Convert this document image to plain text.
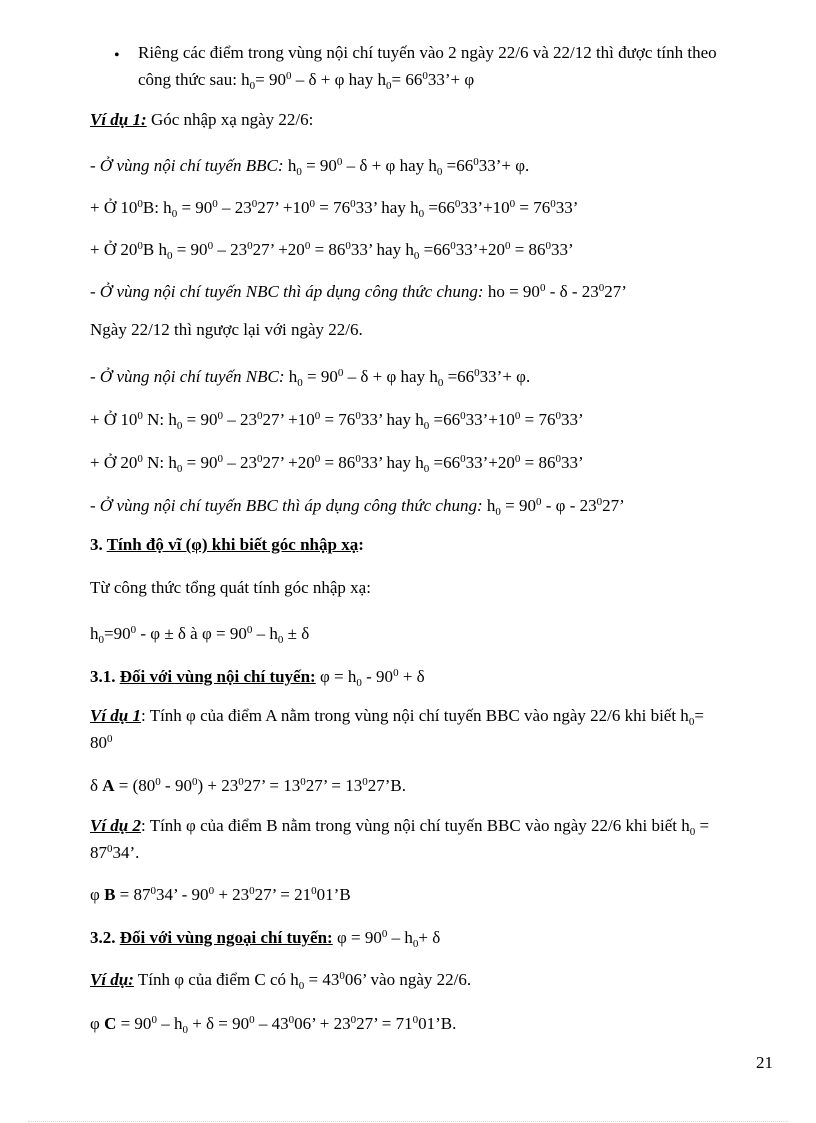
• Riêng các điểm trong vùng nội chí tuyến vào 2 ngày 22/6 và 22/12 thì được tính theo
công thức sau: $h_0= 90^0 - \delta + \varphi$ hay $h_0=$ $66^033’+ \varphi$
Ví dụ 1: Góc nhập xạ ngày 22/6:
- Ở vùng nội chí tuyến BBC: $h_0 = 90^0 - \delta + \varphi$ hay $h_0$ $=66^033’+ \varphi$.
+ Ở $10^0B$: $h_0 = 90^0 - 23^027$’ $+10^0 = 76^033$’ hay $h_0$ $=66^033’+10^0 = 76^033$’
+ Ở $20^0B$ $h_0 = 90^0 - 23^027$’ $+20^0 = 86^033$’ hay $h_0$ $=66^033’+20^0 = 86^033$’
- Ở vùng nội chí tuyến NBC thì áp dụng công thức chung: ho = $90^0$ - δ - $23^027$’
Ngày 22/12 thì ngược lại với ngày 22/6.
- Ở vùng nội chí tuyến NBC: $h_0 = 90^0 - \delta + \varphi$ hay $h_0$ $=66^033’+ \varphi$.
+ Ở $10^0$ N: $h_0 = 90^0 - 23^027$’ $+10^0 = 76^033$’ hay $h_0$ $=66^033’+10^0 = 76^033$’
+ Ở $20^0$ N: $h_0 = 90^0 - 23^027$’ $+20^0 = 86^033$’ hay $h_0$ $=66^033’+20^0 = 86^033$’
- Ở vùng nội chí tuyến BBC thì áp dụng công thức chung: $h_0 = 90^0 - \varphi - 23^027$’
3. Tính độ vĩ (φ) khi biết góc nhập xạ:
Từ công thức tổng quát tính góc nhập xạ:
$h_0=90^0 - \varphi \pm \delta$ à $\varphi = 90^0 - h_0 \pm \delta$
3.1. Đối với vùng nội chí tuyến: $\varphi = h_0 - 90^0 + \delta$
Ví dụ 1: Tính φ của điểm A nằm trong vùng nội chí tuyến BBC vào ngày 22/6 khi biết $h_0=$
$80^0$
δ $A = (80^0 - 90^0) + 23^027$’ = $13^027$’ = $13^027’B$.
Ví dụ 2: Tính φ của điểm B nằm trong vùng nội chí tuyến BBC vào ngày 22/6 khi biết $h_0$ =
$87^034$’.
φ $B = 87^034$’ - $90^0 + 23^027$’ = $21^001’B$
3.2. Đối với vùng ngoại chí tuyến: $\varphi = 90^0 - h_0+ \delta$
Ví dụ: Tính φ của điểm C có $h_0 = 43^006$’ vào ngày 22/6.
φ $C = 90^0 - h_0 + \delta = 90^0 - 43^006$’ + $23^027$’ = $71^001’B$.
21
